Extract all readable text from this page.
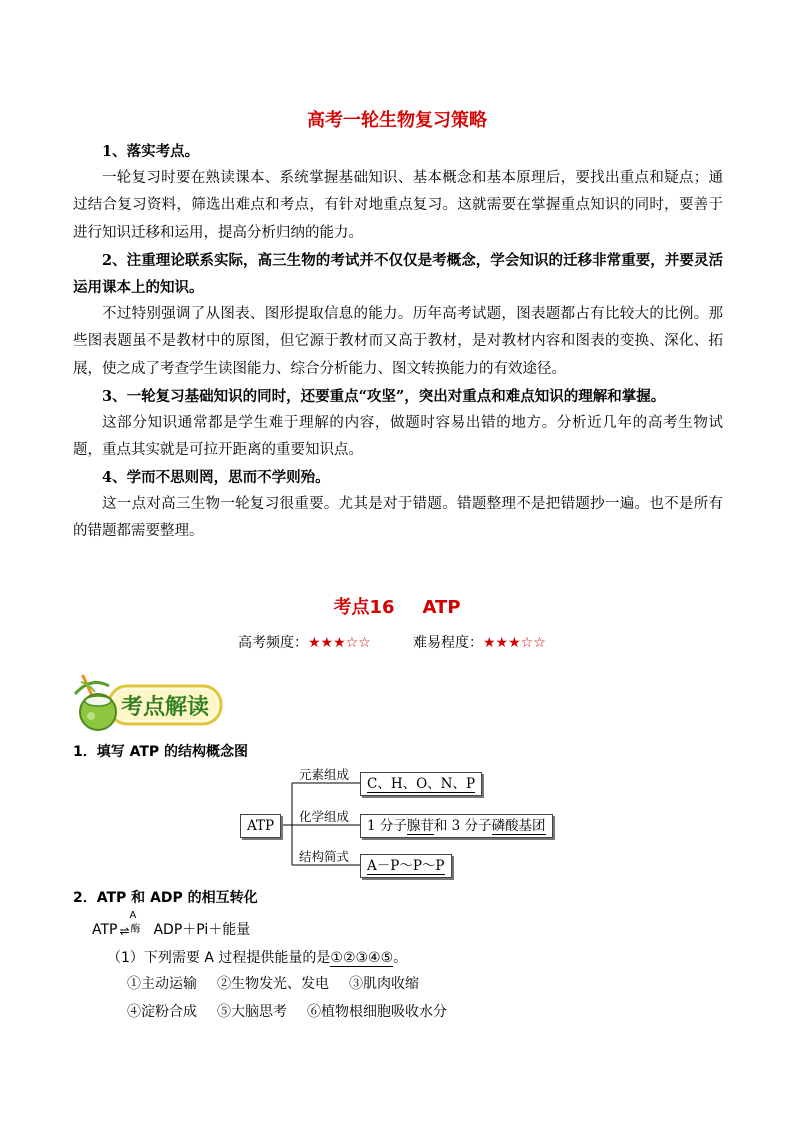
高考一轮生物复习策略
1、落实考点。
一轮复习时要在熟读课本、系统掌握基础知识、基本概念和基本原理后，要找出重点和疑点；通过结合复习资料，筛选出难点和考点，有针对地重点复习。这就需要在掌握重点知识的同时，要善于进行知识迁移和运用，提高分析归纳的能力。
2、注重理论联系实际，高三生物的考试并不仅仅是考概念，学会知识的迁移非常重要，并要灵活运用课本上的知识。
不过特别强调了从图表、图形提取信息的能力。历年高考试题，图表题都占有比较大的比例。那些图表题虽不是教材中的原图，但它源于教材而又高于教材，是对教材内容和图表的变换、深化、拓展，使之成了考查学生读图能力、综合分析能力、图文转换能力的有效途径。
3、一轮复习基础知识的同时，还要重点“攻坚”，突出对重点和难点知识的理解和掌握。
这部分知识通常都是学生难于理解的内容，做题时容易出错的地方。分析近几年的高考生物试题，重点其实就是可拉开距离的重要知识点。
4、学而不思则罔，思而不学则殆。
这一点对高三生物一轮复习很重要。尤其是对于错题。错题整理不是把错题抄一遍。也不是所有的错题都需要整理。
考点16 ATP
高考频度：★★★☆☆	难易程度：★★★☆☆
考点解读
1．填写 ATP 的结构概念图
ATP
元素组成
C、H、O、N、P
化学组成
1 分子腺苷和 3 分子磷酸基团
结构简式
A－P～P～P
2．ATP 和 ADP 的相互转化
ATP
A
酶
⇌ ADP＋Pi＋能量
（1）下列需要 A 过程提供能量的是①②③④⑤。
①主动运输 ②生物发光、发电 ③肌肉收缩
④淀粉合成 ⑤大脑思考 ⑥植物根细胞吸收水分
